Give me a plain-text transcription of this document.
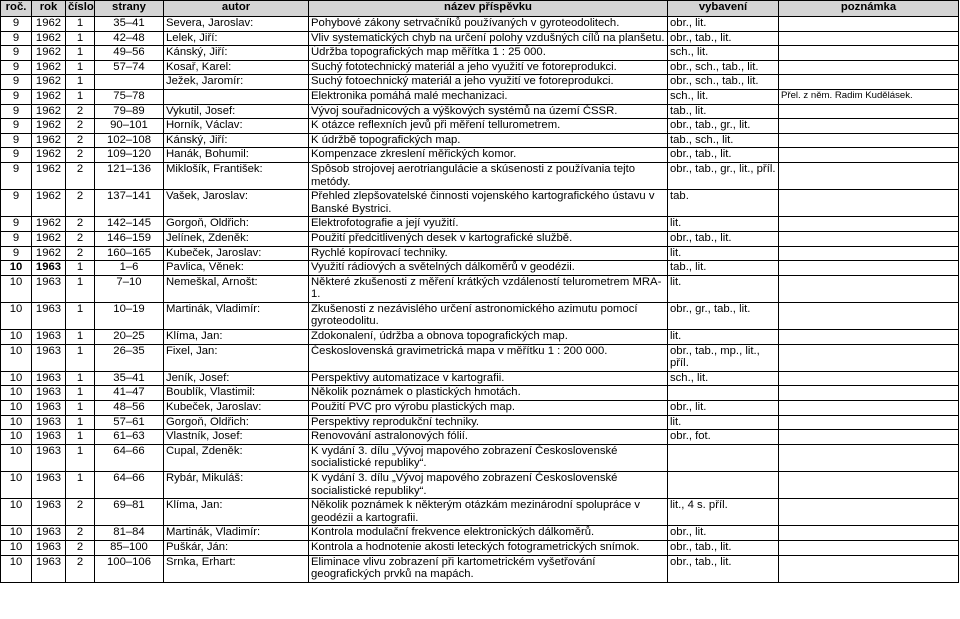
roč.	rok	číslo	strany	autor	název příspěvku	vybavení	poznámka
9	1962	1	35–41	Severa, Jaroslav:	Pohybové zákony setrvačníků používaných v gyroteodolitech.	obr., lit.	
9	1962	1	42–48	Lelek, Jiří:	Vliv systematických chyb na určení polohy vzdušných cílů na planšetu.	obr., tab., lit.	
9	1962	1	49–56	Kánský, Jiří:	Údržba topografických map měřítka 1 : 25 000.	sch., lit.	
9	1962	1	57–74	Kosař, Karel:	Suchý fototechnický materiál a jeho využití ve fotoreprodukci.	obr., sch., tab., lit.	
9	1962	1		Ježek, Jaromír:	Suchý fotoechnický materiál a jeho využití ve fotoreprodukci.	obr., sch., tab., lit.	
9	1962	1	75–78		Elektronika pomáhá malé mechanizaci.	sch., lit.	Přel. z něm. Radim Kudělásek.
9	1962	2	79–89	Vykutil, Josef:	Vývoj souřadnicových a výškových systémů na území ČSSR.	tab., lit.	
9	1962	2	90–101	Horník, Václav:	K otázce reflexních jevů při měření tellurometrem.	obr., tab., gr., lit.	
9	1962	2	102–108	Kánský, Jiří:	K údržbě topografických map.	tab., sch., lit.	
9	1962	2	109–120	Hanák, Bohumil:	Kompenzace zkreslení měřických komor.	obr., tab., lit.	
9	1962	2	121–136	Miklošík, František:	Spôsob strojovej aerotriangulácie a skúsenosti z používania tejto metódy.	obr., tab., gr., lit., příl.	
9	1962	2	137–141	Vašek, Jaroslav:	Přehled zlepšovatelské činnosti vojenského kartografického ústavu v Banské Bystrici.	tab.	
9	1962	2	142–145	Gorgoň, Oldřich:	Elektrofotografie a její využití.	lit.	
9	1962	2	146–159	Jelínek, Zdeněk:	Použití předcitlivených desek v kartografické službě.	obr., tab., lit.	
9	1962	2	160–165	Kubeček, Jaroslav:	Rychlé kopírovací techniky.	lit.	
10	1963	1	1–6	Pavlica, Věnek:	Využití rádiových a světelných dálkoměrů v geodézii.	tab., lit.	
10	1963	1	7–10	Nemeškal, Arnošt:	Některé zkušenosti z měření krátkých vzdáleností telurometrem MRA-1.	lit.	
10	1963	1	10–19	Martinák, Vladimír:	Zkušenosti z nezávislého určení astronomického azimutu pomocí gyroteodolitu.	obr., gr., tab., lit.	
10	1963	1	20–25	Klíma, Jan:	Zdokonalení, údržba a obnova topografických map.	lit.	
10	1963	1	26–35	Fixel, Jan:	Československá gravimetrická mapa v měřítku 1 : 200 000.	obr., tab., mp., lit., příl.	
10	1963	1	35–41	Jeník, Josef:	Perspektivy automatizace v kartografii.	sch., lit.	
10	1963	1	41–47	Boublík, Vlastimil:	Několik poznámek o plastických hmotách.		
10	1963	1	48–56	Kubeček, Jaroslav:	Použití PVC pro výrobu plastických map.	obr., lit.	
10	1963	1	57–61	Gorgoň, Oldřich:	Perspektivy reprodukční techniky.	lit.	
10	1963	1	61–63	Vlastník, Josef:	Renovování astralonových fólií.	obr., fot.	
10	1963	1	64–66	Cupal, Zdeněk:	K vydání 3. dílu „Vývoj mapového zobrazení Československé socialistické republiky“.		
10	1963	1	64–66	Rybár, Mikuláš:	K vydání 3. dílu „Vývoj mapového zobrazení Československé socialistické republiky“.		
10	1963	2	69–81	Klíma, Jan:	Několik poznámek k některým otázkám mezinárodní spolupráce v geodézii a kartografii.	lit., 4 s. příl.	
10	1963	2	81–84	Martinák, Vladimír:	Kontrola modulační frekvence elektronických dálkoměrů.	obr., lit.	
10	1963	2	85–100	Puškár, Ján:	Kontrola a hodnotenie akosti leteckých fotogrametrických snímok.	obr., tab., lit.	
10	1963	2	100–106	Srnka, Erhart:	Eliminace vlivu zobrazení při kartometrickém vyšetřování geografických prvků na mapách.	obr., tab., lit.	
